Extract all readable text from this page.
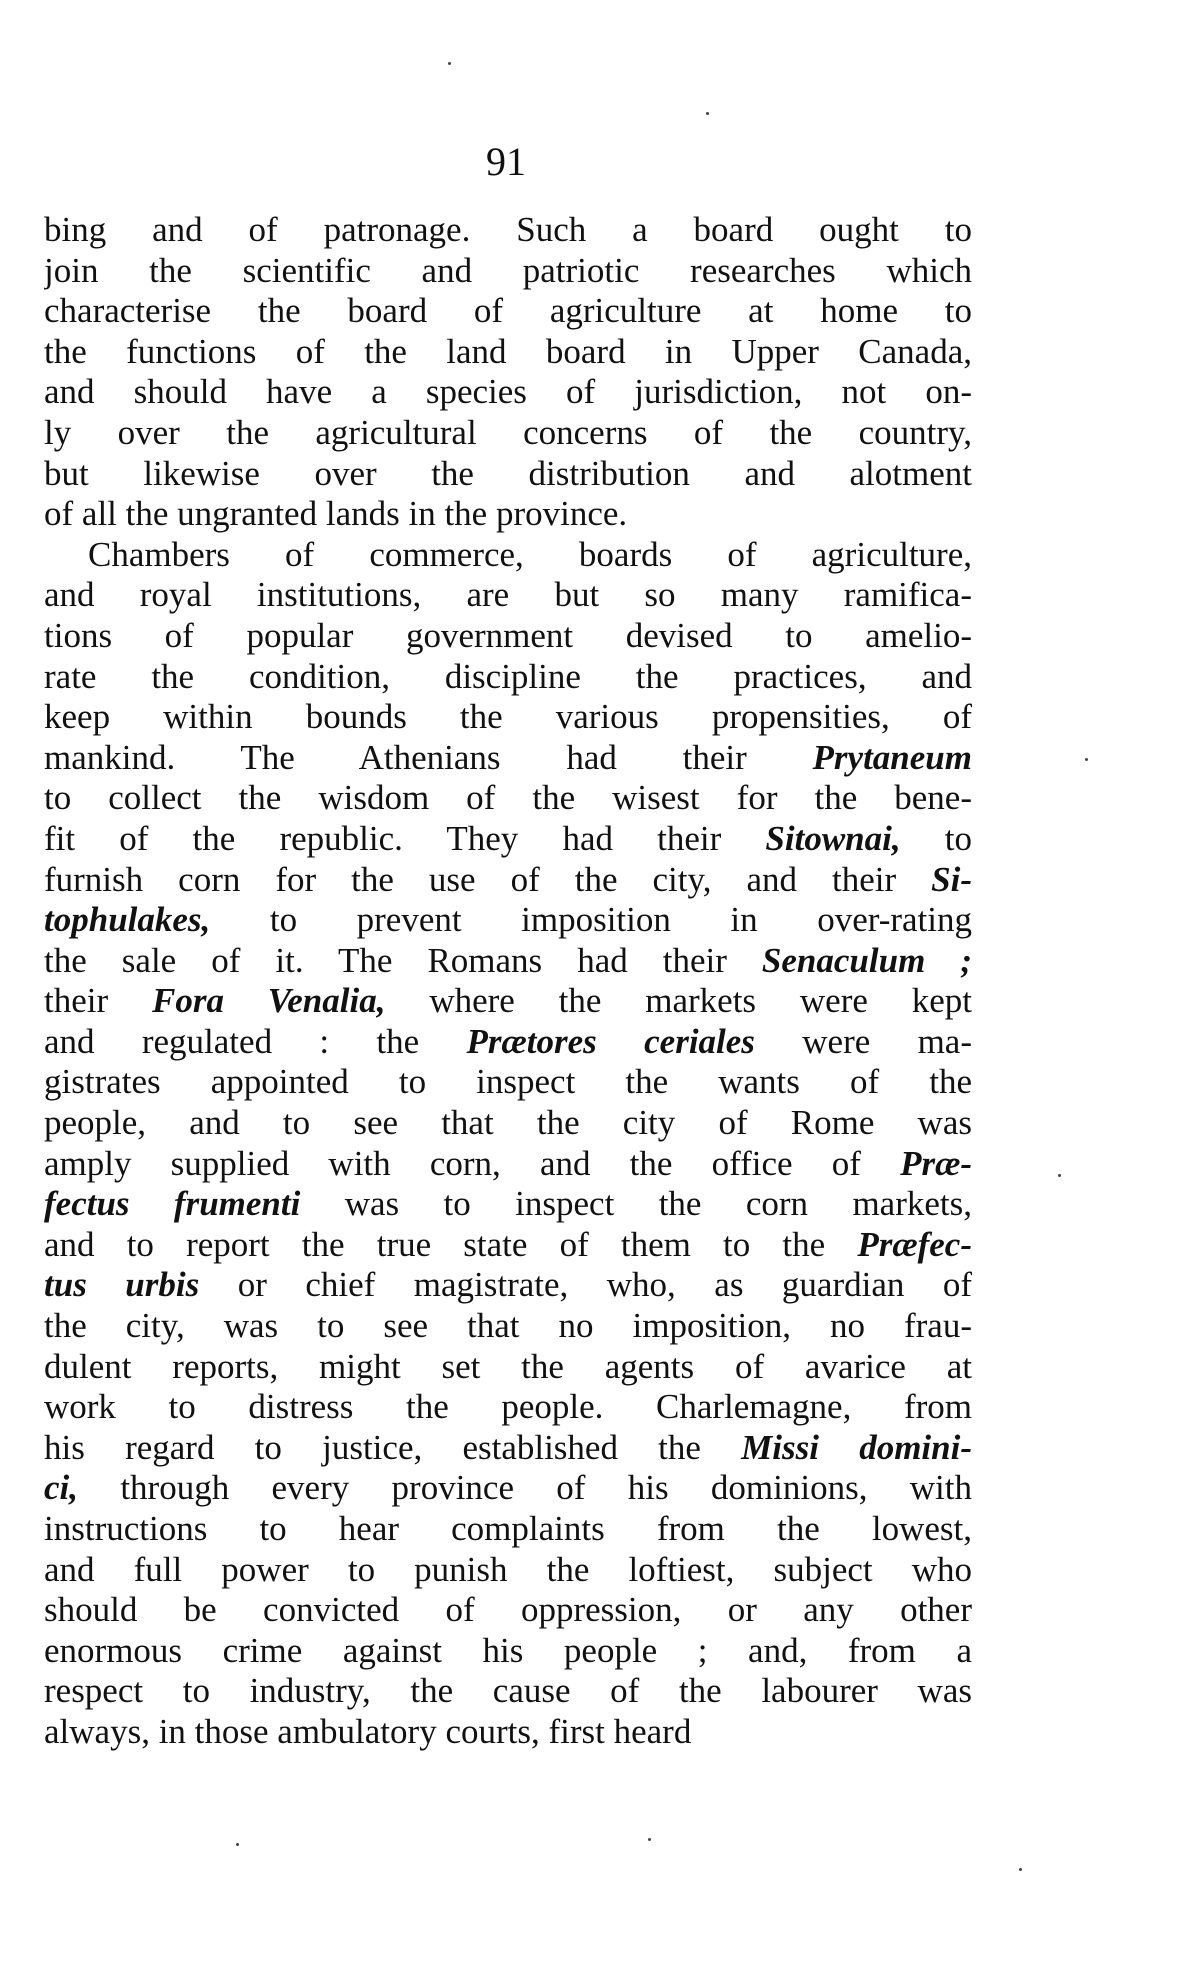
91
bing and of patronage. Such a board ought to
join the scientific and patriotic researches which
characterise the board of agriculture at home to
the functions of the land board in Upper Canada,
and should have a species of jurisdiction, not on-
ly over the agricultural concerns of the country,
but likewise over the distribution and alotment
of all the ungranted lands in the province.
Chambers of commerce, boards of agriculture,
and royal institutions, are but so many ramifica-
tions of popular government devised to amelio-
rate the condition, discipline the practices, and
keep within bounds the various propensities, of
mankind. The Athenians had their Prytaneum
to collect the wisdom of the wisest for the bene-
fit of the republic. They had their Sitownai, to
furnish corn for the use of the city, and their Si-
tophulakes, to prevent imposition in over-rating
the sale of it. The Romans had their Senaculum ;
their Fora Venalia, where the markets were kept
and regulated : the Prætores ceriales were ma-
gistrates appointed to inspect the wants of the
people, and to see that the city of Rome was
amply supplied with corn, and the office of Præ-
fectus frumenti was to inspect the corn markets,
and to report the true state of them to the Præfec-
tus urbis or chief magistrate, who, as guardian of
the city, was to see that no imposition, no frau-
dulent reports, might set the agents of avarice at
work to distress the people. Charlemagne, from
his regard to justice, established the Missi domini-
ci, through every province of his dominions, with
instructions to hear complaints from the lowest,
and full power to punish the loftiest, subject who
should be convicted of oppression, or any other
enormous crime against his people ; and, from a
respect to industry, the cause of the labourer was
always, in those ambulatory courts, first heard
